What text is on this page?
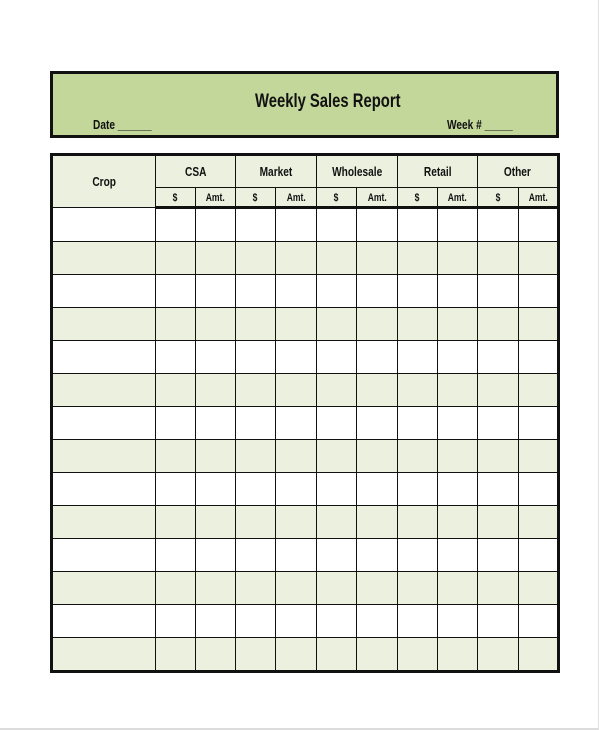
Weekly Sales Report
Date ______	Week # _____
Crop	CSA		Market		Wholesale		Retail		Other	
	$	Amt.	$	Amt.	$	Amt.	$	Amt.	$	Amt.
